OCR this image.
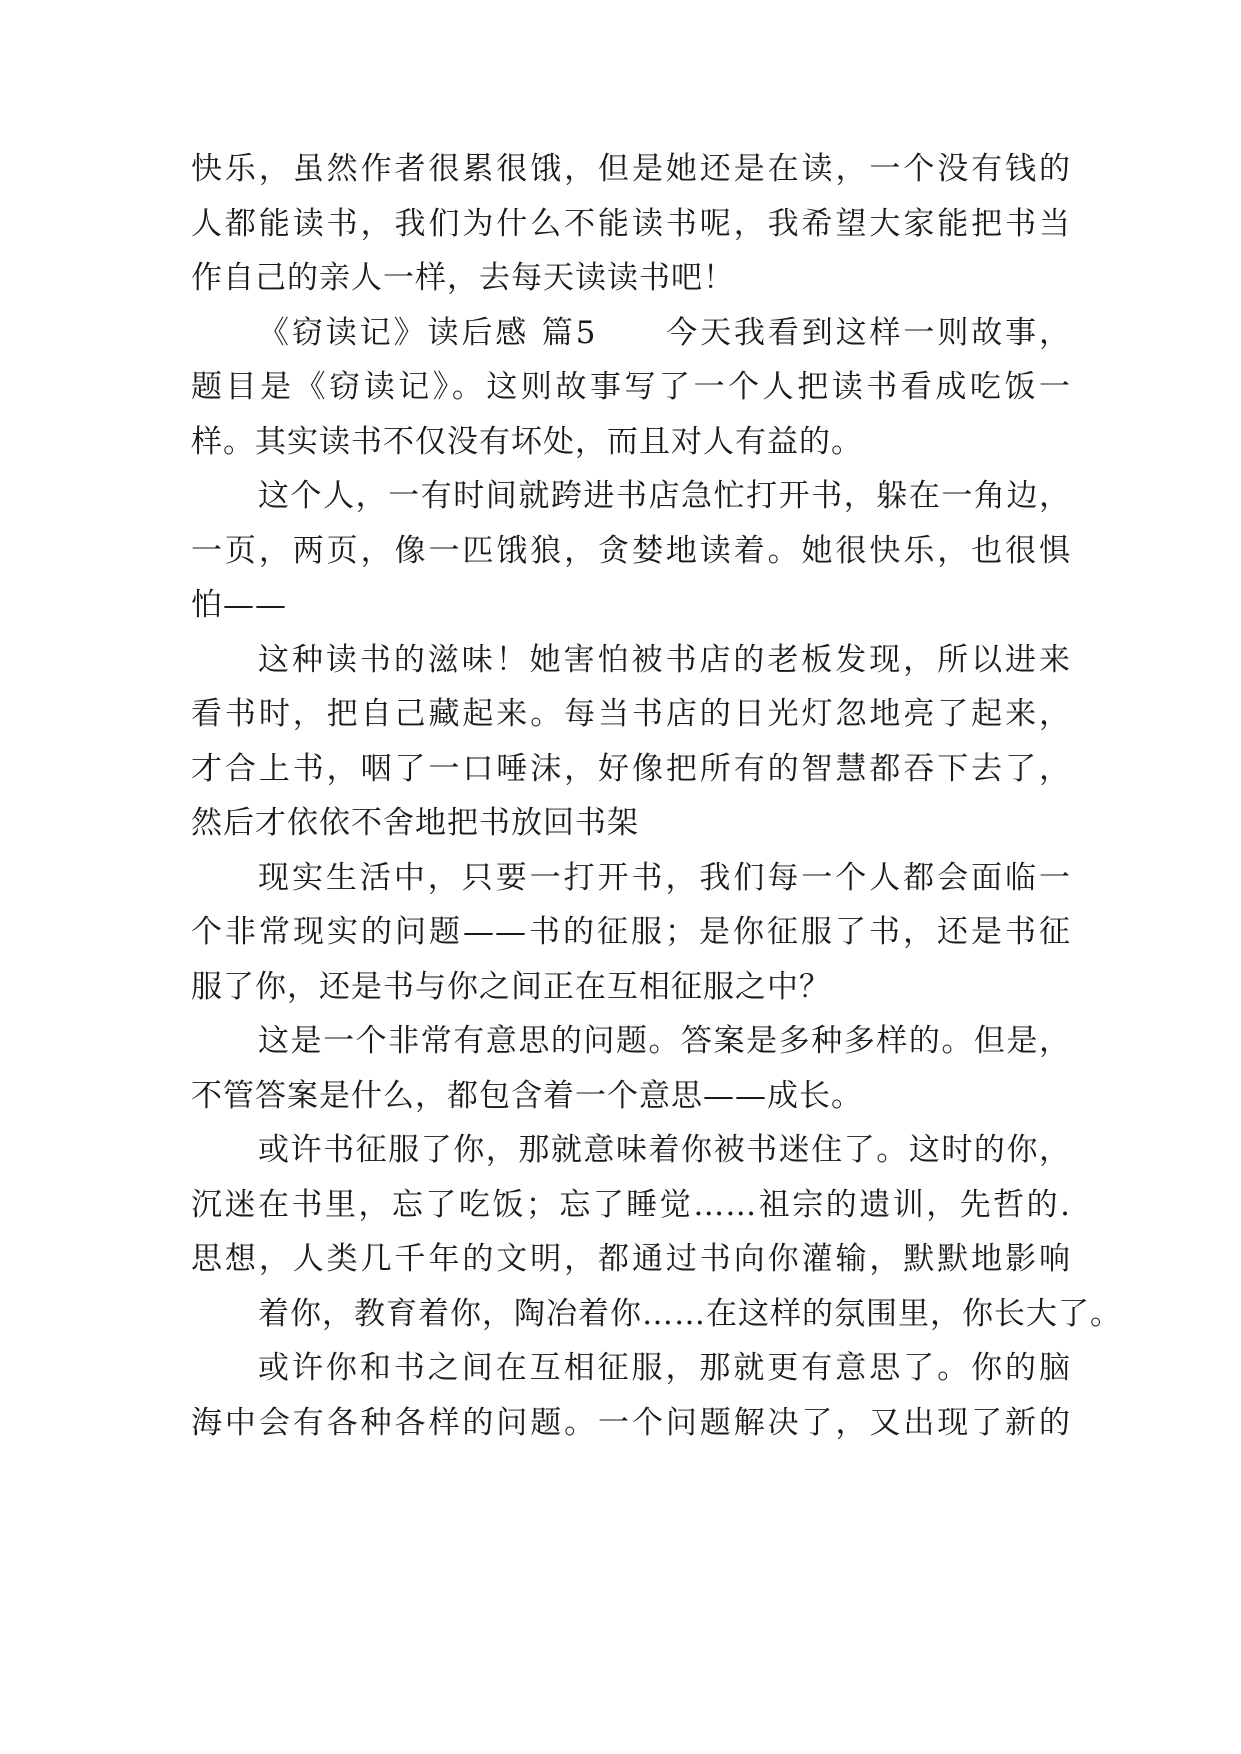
快乐，虽然作者很累很饿，但是她还是在读，一个没有钱的
人都能读书，我们为什么不能读书呢，我希望大家能把书当
作自己的亲人一样，去每天读读书吧！
《窃读记》读后感 篇5　　今天我看到这样一则故事，
题目是《窃读记》。这则故事写了一个人把读书看成吃饭一
样。其实读书不仅没有坏处，而且对人有益的。
这个人，一有时间就跨进书店急忙打开书，躲在一角边，
一页，两页，像一匹饿狼，贪婪地读着。她很快乐，也很惧
怕——
这种读书的滋味！她害怕被书店的老板发现，所以进来
看书时，把自己藏起来。每当书店的日光灯忽地亮了起来，
才合上书，咽了一口唾沫，好像把所有的智慧都吞下去了，
然后才依依不舍地把书放回书架
现实生活中，只要一打开书，我们每一个人都会面临一
个非常现实的问题——书的征服；是你征服了书，还是书征
服了你，还是书与你之间正在互相征服之中？
这是一个非常有意思的问题。答案是多种多样的。但是，
不管答案是什么，都包含着一个意思——成长。
或许书征服了你，那就意味着你被书迷住了。这时的你，
沉迷在书里，忘了吃饭；忘了睡觉……祖宗的遗训，先哲的.
思想，人类几千年的文明，都通过书向你灌输，默默地影响
着你，教育着你，陶冶着你……在这样的氛围里，你长大了。
或许你和书之间在互相征服，那就更有意思了。你的脑
海中会有各种各样的问题。一个问题解决了，又出现了新的
